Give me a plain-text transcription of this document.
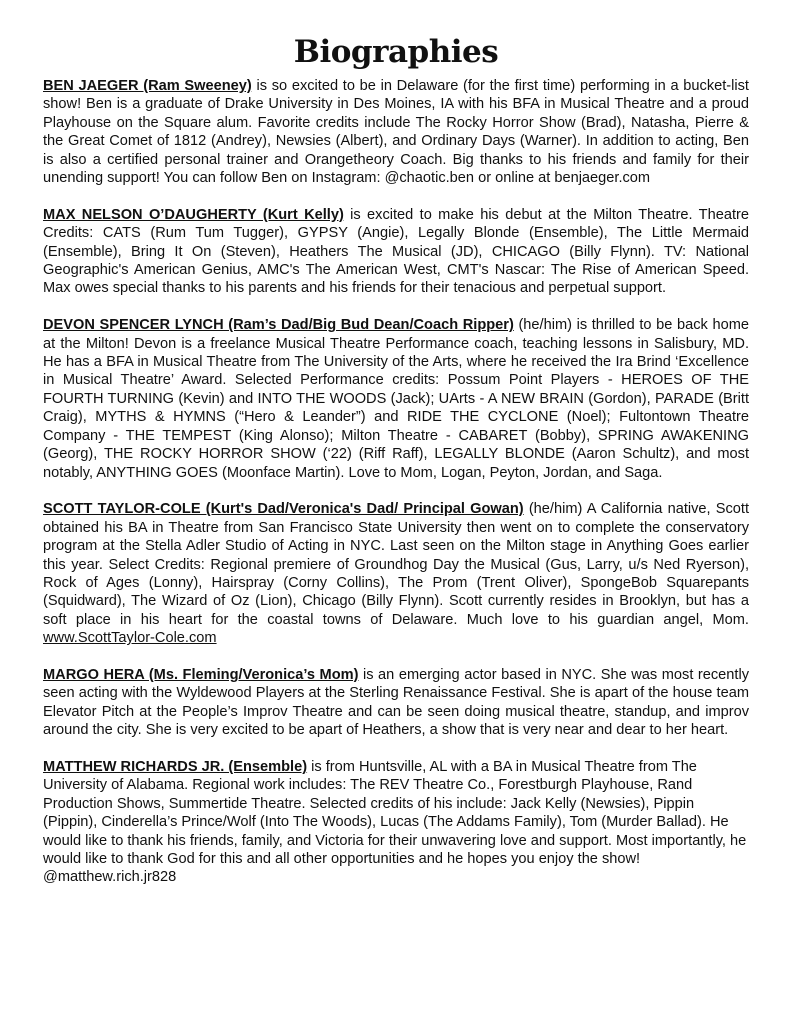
Biographies

BEN JAEGER (Ram Sweeney) is so excited to be in Delaware (for the first time) performing in a bucket-list show! Ben is a graduate of Drake University in Des Moines, IA with his BFA in Musical Theatre and a proud Playhouse on the Square alum. Favorite credits include The Rocky Horror Show (Brad), Natasha, Pierre & the Great Comet of 1812 (Andrey), Newsies (Albert), and Ordinary Days (Warner). In addition to acting, Ben is also a certified personal trainer and Orangetheory Coach. Big thanks to his friends and family for their unending support! You can follow Ben on Instagram: @chaotic.ben or online at benjaeger.com

MAX NELSON O’DAUGHERTY (Kurt Kelly) is excited to make his debut at the Milton Theatre. Theatre Credits: CATS (Rum Tum Tugger), GYPSY (Angie), Legally Blonde (Ensemble), The Little Mermaid (Ensemble), Bring It On (Steven), Heathers The Musical (JD), CHICAGO (Billy Flynn). TV: National Geographic's American Genius, AMC's The American West, CMT's Nascar: The Rise of American Speed. Max owes special thanks to his parents and his friends for their tenacious and perpetual support.

DEVON SPENCER LYNCH (Ram’s Dad/Big Bud Dean/Coach Ripper) (he/him) is thrilled to be back home at the Milton! Devon is a freelance Musical Theatre Performance coach, teaching lessons in Salisbury, MD. He has a BFA in Musical Theatre from The University of the Arts, where he received the Ira Brind ‘Excellence in Musical Theatre’ Award. Selected Performance credits: Possum Point Players - HEROES OF THE FOURTH TURNING (Kevin) and INTO THE WOODS (Jack); UArts - A NEW BRAIN (Gordon), PARADE (Britt Craig), MYTHS & HYMNS (“Hero & Leander”) and RIDE THE CYCLONE (Noel); Fultontown Theatre Company - THE TEMPEST (King Alonso); Milton Theatre - CABARET (Bobby), SPRING AWAKENING (Georg), THE ROCKY HORROR SHOW (‘22) (Riff Raff), LEGALLY BLONDE (Aaron Schultz), and most notably, ANYTHING GOES (Moonface Martin). Love to Mom, Logan, Peyton, Jordan, and Saga.

SCOTT TAYLOR-COLE (Kurt's Dad/Veronica's Dad/ Principal Gowan) (he/him) A California native, Scott obtained his BA in Theatre from San Francisco State University then went on to complete the conservatory program at the Stella Adler Studio of Acting in NYC. Last seen on the Milton stage in Anything Goes earlier this year. Select Credits: Regional premiere of Groundhog Day the Musical (Gus, Larry, u/s Ned Ryerson), Rock of Ages (Lonny), Hairspray (Corny Collins), The Prom (Trent Oliver), SpongeBob Squarepants (Squidward), The Wizard of Oz (Lion), Chicago (Billy Flynn). Scott currently resides in Brooklyn, but has a soft place in his heart for the coastal towns of Delaware. Much love to his guardian angel, Mom. www.ScottTaylor-Cole.com

MARGO HERA (Ms. Fleming/Veronica’s Mom) is an emerging actor based in NYC. She was most recently seen acting with the Wyldewood Players at the Sterling Renaissance Festival. She is apart of the house team Elevator Pitch at the People’s Improv Theatre and can be seen doing musical theatre, standup, and improv around the city. She is very excited to be apart of Heathers, a show that is very near and dear to her heart.

MATTHEW RICHARDS JR. (Ensemble) is from Huntsville, AL with a BA in Musical Theatre from The University of Alabama. Regional work includes: The REV Theatre Co., Forestburgh Playhouse, Rand Production Shows, Summertide Theatre. Selected credits of his include: Jack Kelly (Newsies), Pippin (Pippin), Cinderella’s Prince/Wolf (Into The Woods), Lucas (The Addams Family), Tom (Murder Ballad). He would like to thank his friends, family, and Victoria for their unwavering love and support. Most importantly, he would like to thank God for this and all other opportunities and he hopes you enjoy the show! @matthew.rich.jr828
